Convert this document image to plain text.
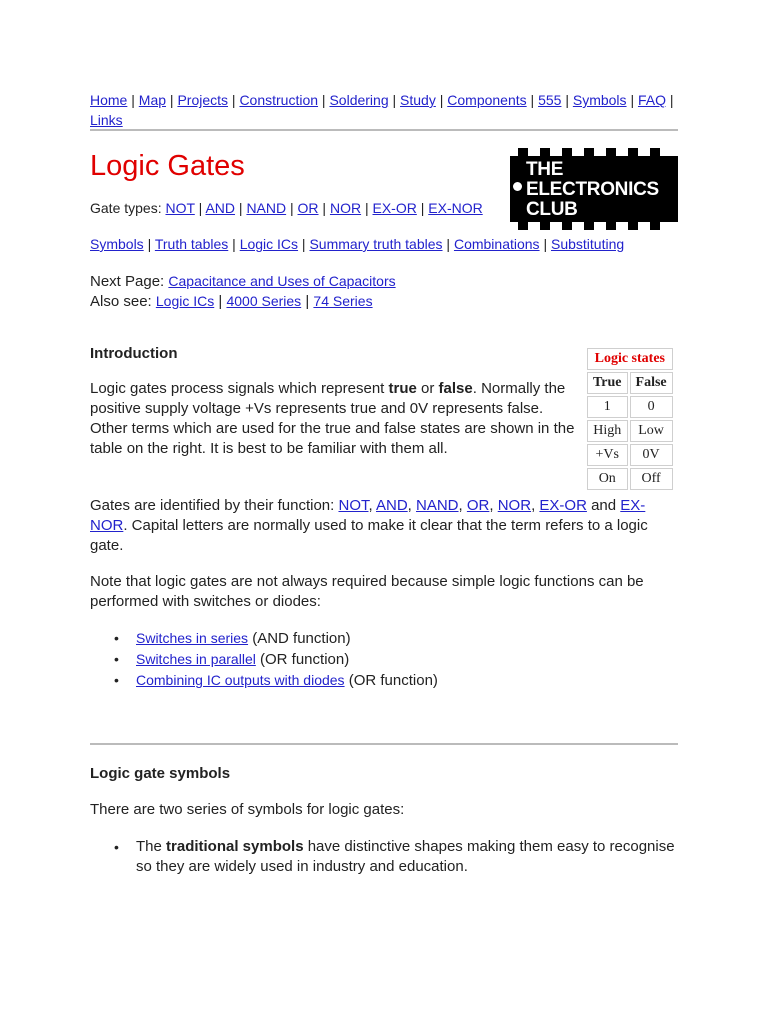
Home | Map | Projects | Construction | Soldering | Study | Components | 555 | Symbols | FAQ | Links
Logic Gates	THE
ELECTRONICS
CLUB
Gate types: NOT | AND | NAND | OR | NOR | EX-OR | EX-NOR
Symbols | Truth tables | Logic ICs | Summary truth tables | Combinations | Substituting
Next Page: Capacitance and Uses of Capacitors
Also see: Logic ICs | 4000 Series | 74 Series
Introduction
Logic gates process signals which represent true or false. Normally the positive supply voltage +Vs represents true and 0V represents false. Other terms which are used for the true and false states are shown in the table on the right. It is best to be familiar with them all.
Logic states	
True	False
1	0
High	Low
+Vs	0V
On	Off
Gates are identified by their function: NOT, AND, NAND, OR, NOR, EX-OR and EX-NOR. Capital letters are normally used to make it clear that the term refers to a logic gate.
Note that logic gates are not always required because simple logic functions can be performed with switches or diodes:
• Switches in series (AND function)
• Switches in parallel (OR function)
• Combining IC outputs with diodes (OR function)
Logic gate symbols
There are two series of symbols for logic gates:
• The traditional symbols have distinctive shapes making them easy to recognise so they are widely used in industry and education.
